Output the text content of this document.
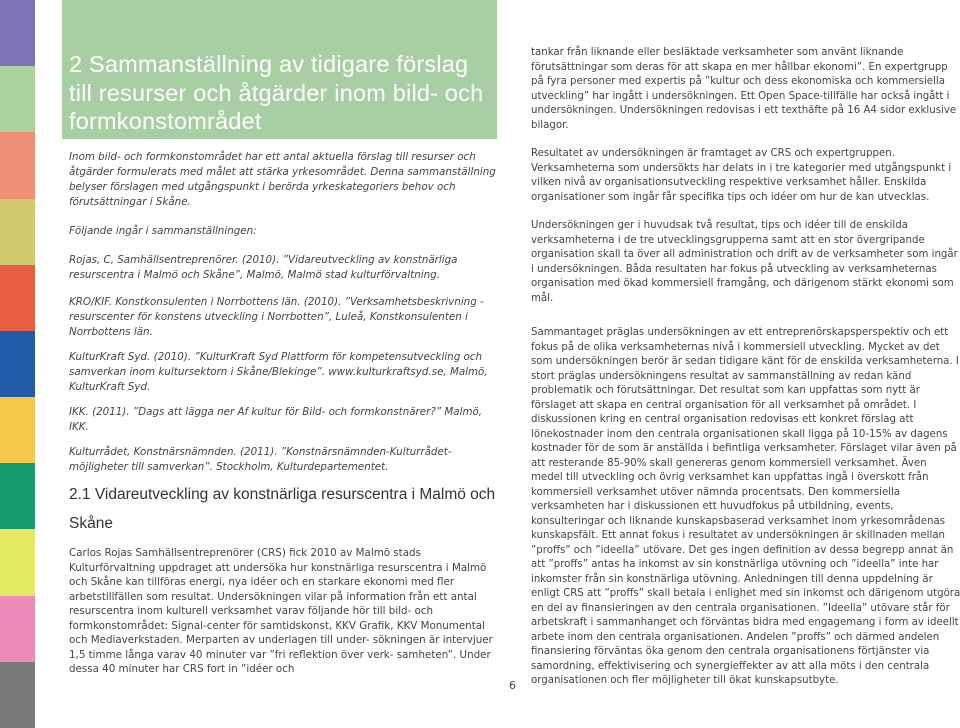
2 Sammanställning av tidigare förslag till resurser och åtgärder inom bild- och formkonstområdet

Inom bild- och formkonstområdet har ett antal aktuella förslag till resurser och åtgärder formulerats med målet att stärka yrkesområdet. Denna sammanställning belyser förslagen med utgångspunkt i berörda yrkeskategoriers behov och förutsättningar i Skåne.

Följande ingår i sammanställningen:

Rojas, C, Samhällsentreprenörer. (2010). ”Vidareutveckling av konstnärliga resurscentra i Malmö och Skåne”, Malmö, Malmö stad kulturförvaltning.

KRO/KIF. Konstkonsulenten i Norrbottens län. (2010). ”Verksamhetsbeskrivning -resurscenter för konstens utveckling i Norrbotten”, Luleå, Konstkonsulenten i Norrbottens län.

KulturKraft Syd. (2010). ”KulturKraft Syd Plattform för kompetensutveckling och samverkan inom kultursektorn i Skåne/Blekinge”. www.kulturkraftsyd.se, Malmö, KulturKraft Syd.

IKK. (2011). ”Dags att lägga ner Af kultur för Bild- och formkonstnärer?” Malmö, IKK.

Kulturrådet, Konstnärsnämnden. (2011). ”Konstnärsnämnden-Kulturrådet-möjligheter till samverkan”. Stockholm, Kulturdepartementet.

2.1 Vidareutveckling av konstnärliga resurscentra i Malmö och Skåne

Carlos Rojas Samhällsentreprenörer (CRS) fick 2010 av Malmö stads Kulturförvaltning uppdraget att undersöka hur konstnärliga resurscentra i Malmö och Skåne kan tillföras energi, nya idéer och en starkare ekonomi med fler arbetstillfällen som resultat. Undersökningen vilar på information från ett antal resurscentra inom kulturell verksamhet varav följande hör till bild- och formkonstområdet: Signal-center för samtidskonst, KKV Grafik, KKV Monumental och Mediaverkstaden. Merparten av underlagen till under- sökningen är intervjuer 1,5 timme långa varav 40 minuter var ”fri reflektion över verk- samheten”. Under dessa 40 minuter har CRS fort in ”idéer och

tankar från liknande eller besläktade verksamheter som använt liknande förutsättningar som deras för att skapa en mer hållbar ekonomi”. En expertgrupp på fyra personer med expertis på ”kultur och dess ekonomiska och kommersiella utveckling” har ingått i undersökningen. Ett Open Space-tillfälle har också ingått i undersökningen. Undersökningen redovisas i ett texthäfte på 16 A4 sidor exklusive bilagor.

Resultatet av undersökningen är framtaget av CRS och expertgruppen. Verksamheterna som undersökts har delats in i tre kategorier med utgångspunkt i vilken nivå av organisationsutveckling respektive verksamhet håller. Enskilda organisationer som ingår får specifika tips och idéer om hur de kan utvecklas.

Undersökningen ger i huvudsak två resultat, tips och idéer till de enskilda verksamheterna i de tre utvecklingsgrupperna samt att en stor övergripande organisation skall ta över all administration och drift av de verksamheter som ingår i undersökningen. Båda resultaten har fokus på utveckling av verksamheternas organisation med ökad kommersiell framgång, och därigenom stärkt ekonomi som mål.

Sammantaget präglas undersökningen av ett entreprenörskapsperspektiv och ett fokus på de olika verksamheternas nivå i kommersiell utveckling. Mycket av det som undersökningen berör är sedan tidigare känt för de enskilda verksamheterna. I stort präglas undersökningens resultat av sammanställning av redan känd problematik och förutsättningar. Det resultat som kan uppfattas som nytt är förslaget att skapa en central organisation för all verksamhet på området. I diskussionen kring en central organisation redovisas ett konkret förslag att lönekostnader inom den centrala organisationen skall ligga på 10-15% av dagens kostnader för de som är anställda i befintliga verksamheter. Förslaget vilar även på att resterande 85-90% skall genereras genom kommersiell verksamhet. Även medel till utveckling och övrig verksamhet kan uppfattas ingå i överskott från kommersiell verksamhet utöver nämnda procentsats. Den kommersiella verksamheten har i diskussionen ett huvudfokus på utbildning, events, konsulteringar och liknande kunskapsbaserad verksamhet inom yrkesområdenas kunskapsfält. Ett annat fokus i resultatet av undersökningen är skillnaden mellan ”proffs” och ”ideella” utövare. Det ges ingen definition av dessa begrepp annat än att ”proffs” antas ha inkomst av sin konstnärliga utövning och ”ideella” inte har inkomster från sin konstnärliga utövning. Anledningen till denna uppdelning är enligt CRS att ”proffs” skall betala i enlighet med sin inkomst och därigenom utgöra en del av finansieringen av den centrala organisationen. ”Ideella” utövare står för arbetskraft i sammanhanget och förväntas bidra med engagemang i form av ideellt arbete inom den centrala organisationen. Andelen ”proffs” och därmed andelen finansiering förväntas öka genom den centrala organisationens förtjänster via samordning, effektivisering och synergieffekter av att alla möts i den centrala organisationen och fler möjligheter till ökat kunskapsutbyte.

6
